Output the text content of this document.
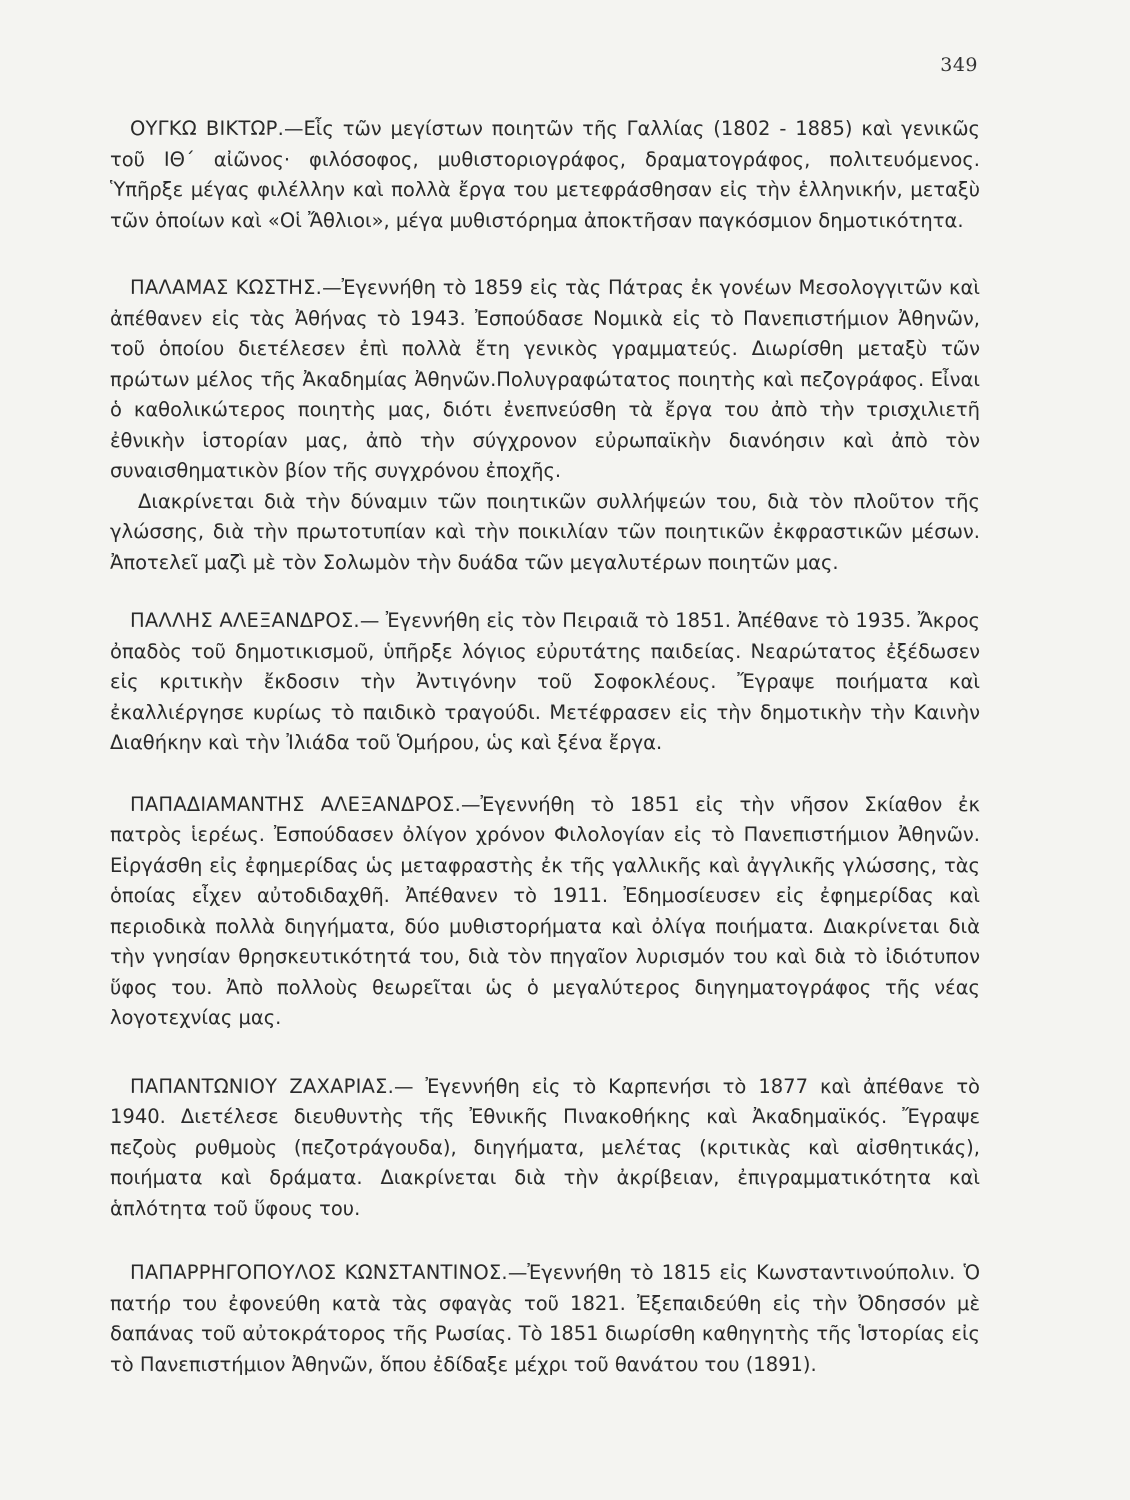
349

ΟΥΓΚΩ ΒΙΚΤΩΡ.—Εἷς τῶν μεγίστων ποιητῶν τῆς Γαλλίας (1802 - 1885) καὶ γενικῶς τοῦ ΙΘ΄ αἰῶνος· φιλόσοφος, μυθιστοριογράφος, δραματογράφος, πολιτευόμενος. Ὑπῆρξε μέγας φιλέλλην καὶ πολλὰ ἔργα του μετεφράσθησαν εἰς τὴν ἑλληνικήν, μεταξὺ τῶν ὁποίων καὶ «Οἱ Ἄθλιοι», μέγα μυθιστόρημα ἀποκτῆσαν παγκόσμιον δημοτικότητα.

ΠΑΛΑΜΑΣ ΚΩΣΤΗΣ.—Ἐγεννήθη τὸ 1859 εἰς τὰς Πάτρας ἐκ γονέων Μεσολογγιτῶν καὶ ἀπέθανεν εἰς τὰς Ἀθήνας τὸ 1943. Ἐσπούδασε Νομικὰ εἰς τὸ Πανεπιστήμιον Ἀθηνῶν, τοῦ ὁποίου διετέλεσεν ἐπὶ πολλὰ ἔτη γενικὸς γραμματεύς. Διωρίσθη μεταξὺ τῶν πρώτων μέλος τῆς Ἀκαδημίας Ἀθηνῶν.Πολυγραφώτατος ποιητὴς καὶ πεζογράφος. Εἶναι ὁ καθολικώτερος ποιητὴς μας, διότι ἐνεπνεύσθη τὰ ἔργα του ἀπὸ τὴν τρισχιλιετῆ ἐθνικὴν ἱστορίαν μας, ἀπὸ τὴν σύγχρονον εὐρωπαϊκὴν διανόησιν καὶ ἀπὸ τὸν συναισθηματικὸν βίον τῆς συγχρόνου ἐποχῆς.

Διακρίνεται διὰ τὴν δύναμιν τῶν ποιητικῶν συλλήψεών του, διὰ τὸν πλοῦτον τῆς γλώσσης, διὰ τὴν πρωτοτυπίαν καὶ τὴν ποικιλίαν τῶν ποιητικῶν ἐκφραστικῶν μέσων. Ἀποτελεῖ μαζὶ μὲ τὸν Σολωμὸν τὴν δυάδα τῶν μεγαλυτέρων ποιητῶν μας.

ΠΑΛΛΗΣ ΑΛΕΞΑΝΔΡΟΣ.— Ἐγεννήθη εἰς τὸν Πειραιᾶ τὸ 1851. Ἀπέθανε τὸ 1935. Ἄκρος ὀπαδὸς τοῦ δημοτικισμοῦ, ὑπῆρξε λόγιος εὐρυτάτης παιδείας. Νεαρώτατος ἐξέδωσεν εἰς κριτικὴν ἔκδοσιν τὴν Ἀντιγόνην τοῦ Σοφοκλέους. Ἔγραψε ποιήματα καὶ ἐκαλλιέργησε κυρίως τὸ παιδικὸ τραγούδι. Μετέφρασεν εἰς τὴν δημοτικὴν τὴν Καινὴν Διαθήκην καὶ τὴν Ἰλιάδα τοῦ Ὁμήρου, ὡς καὶ ξένα ἔργα.

ΠΑΠΑΔΙΑΜΑΝΤΗΣ ΑΛΕΞΑΝΔΡΟΣ.—Ἐγεννήθη τὸ 1851 εἰς τὴν νῆσον Σκίαθον ἐκ πατρὸς ἱερέως. Ἐσπούδασεν ὀλίγον χρόνον Φιλολογίαν εἰς τὸ Πανεπιστήμιον Ἀθηνῶν. Εἰργάσθη εἰς ἐφημερίδας ὡς μεταφραστὴς ἐκ τῆς γαλλικῆς καὶ ἀγγλικῆς γλώσσης, τὰς ὁποίας εἶχεν αὐτοδιδαχθῆ. Ἀπέθανεν τὸ 1911. Ἐδημοσίευσεν εἰς ἐφημερίδας καὶ περιοδικὰ πολλὰ διηγήματα, δύο μυθιστορήματα καὶ ὀλίγα ποιήματα. Διακρίνεται διὰ τὴν γνησίαν θρησκευτικότητά του, διὰ τὸν πηγαῖον λυρισμόν του καὶ διὰ τὸ ἰδιότυπον ὕφος του. Ἀπὸ πολλοὺς θεωρεῖται ὡς ὁ μεγαλύτερος διηγηματογράφος τῆς νέας λογοτεχνίας μας.

ΠΑΠΑΝΤΩΝΙΟΥ ΖΑΧΑΡΙΑΣ.— Ἐγεννήθη εἰς τὸ Καρπενήσι τὸ 1877 καὶ ἀπέθανε τὸ 1940. Διετέλεσε διευθυντὴς τῆς Ἐθνικῆς Πινακοθήκης καὶ Ἀκαδημαϊκός. Ἔγραψε πεζοὺς ρυθμοὺς (πεζοτράγουδα), διηγήματα, μελέτας (κριτικὰς καὶ αἰσθητικάς), ποιήματα καὶ δράματα. Διακρίνεται διὰ τὴν ἀκρίβειαν, ἐπιγραμματικότητα καὶ ἁπλότητα τοῦ ὕφους του.

ΠΑΠΑΡΡΗΓΟΠΟΥΛΟΣ ΚΩΝΣΤΑΝΤΙΝΟΣ.—Ἐγεννήθη τὸ 1815 εἰς Κωνσταντινούπολιν. Ὁ πατήρ του ἐφονεύθη κατὰ τὰς σφαγὰς τοῦ 1821. Ἐξεπαιδεύθη εἰς τὴν Ὀδησσόν μὲ δαπάνας τοῦ αὐτοκράτορος τῆς Ρωσίας. Τὸ 1851 διωρίσθη καθηγητὴς τῆς Ἱστορίας εἰς τὸ Πανεπιστήμιον Ἀθηνῶν, ὅπου ἐδίδαξε μέχρι τοῦ θανάτου του (1891).
